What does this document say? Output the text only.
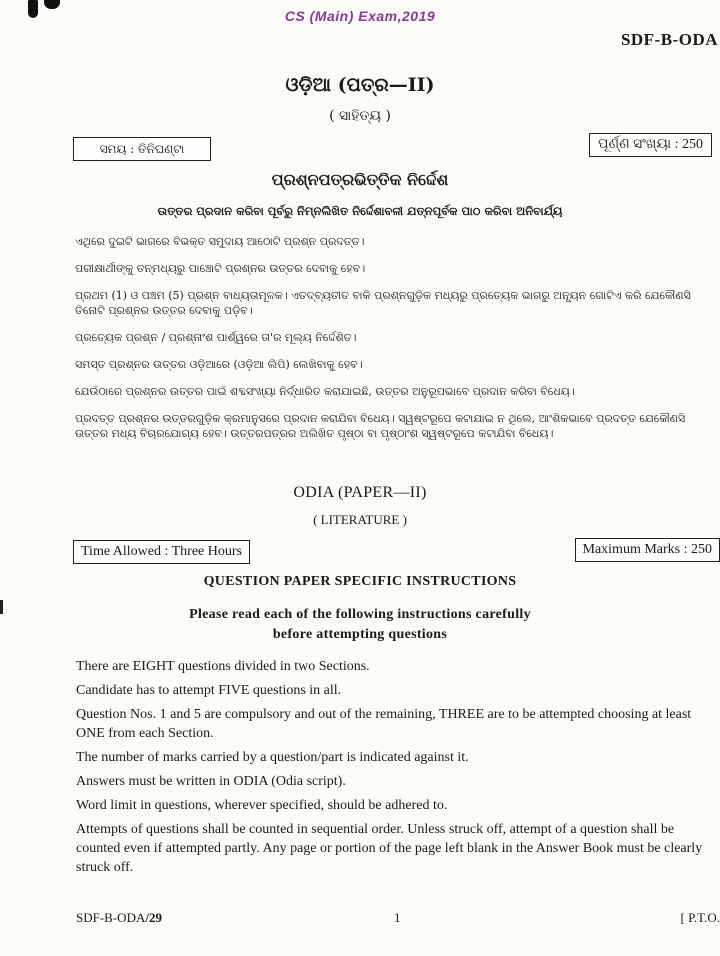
CS (Main) Exam,2019
SDF-B-ODA
ଓଡ଼ିଆ (ପତ୍ର—II)
( ସାହିତ୍ୟ )
ସମୟ : ତିନିଘଣ୍ଟା	ପୂର୍ଣ୍ଣ ସଂଖ୍ୟା : 250
ପ୍ରଶ୍ନପତ୍ରଭିତ୍ତିକ ନିର୍ଦ୍ଦେଶ
ଉତ୍ତର ପ୍ରଦାନ କରିବା ପୂର୍ବରୁ ନିମ୍ନଲିଖିତ ନିର୍ଦ୍ଦେଶାବଳୀ ଯତ୍ନପୂର୍ବକ ପାଠ କରିବା ଅନିବାର୍ଯ୍ୟ
ଏଥିରେ ଦୁଇଟି ଭାଗରେ ବିଭକ୍ତ ସମୁଦାୟ ଆଠୋଟି ପ୍ରଶ୍ନ ପ୍ରଦତ୍ତ।
ପରୀକ୍ଷାର୍ଥୀଙ୍କୁ ତନ୍ମଧ୍ୟରୁ ପାଞ୍ଚୋଟି ପ୍ରଶ୍ନର ଉତ୍ତର ଦେବାକୁ ହେବ।
ପ୍ରଥମ (1) ଓ ପଞ୍ଚମ (5) ପ୍ରଶ୍ନ ବାଧ୍ୟତାମୂଳକ। ଏତଦ୍‌ବ୍ୟତୀତ ବାକି ପ୍ରଶ୍ନଗୁଡ଼ିକ ମଧ୍ୟରୁ ପ୍ରତ୍ୟେକ ଭାଗରୁ ଅନ୍ୟୂନ ଗୋଟିଏ କରି ଯେକୌଣସି ତିନୋଟି ପ୍ରଶ୍ନର ଉତ୍ତର ଦେବାକୁ ପଡ଼ିବ।
ପ୍ରତ୍ୟେକ ପ୍ରଶ୍ନ / ପ୍ରଶ୍ନାଂଶ ପାର୍ଶ୍ୱରେ ତା'ର ମୂଲ୍ୟ ନିର୍ଦ୍ଦେଶିତ।
ସମସ୍ତ ପ୍ରଶ୍ନର ଉତ୍ତର ଓଡ଼ିଆରେ (ଓଡ଼ିଆ ଲିପି) ଲେଖିବାକୁ ହେବ।
ଯେଉଁଠାରେ ପ୍ରଶ୍ନର ଉତ୍ତର ପାଇଁ ଶବ୍ଦସଂଖ୍ୟା ନିର୍ଦ୍ଧାରିତ କରାଯାଇଛି, ଉତ୍ତର ଅନୁରୂପଭାବେ ପ୍ରଦାନ କରିବା ବିଧେୟ।
ପ୍ରଦତ୍ତ ପ୍ରଶ୍ନର ଉତ୍ତରଗୁଡ଼ିକ କ୍ରମାନୁସରେ ପ୍ରଦାନ କରାଯିବା ବିଧେୟ। ସ୍ୱଷ୍ଟରୂପେ କଟାଯାଇ ନ ଥିଲେ, ଆଂଶିକଭାବେ ପ୍ରଦତ୍ତ ଯେକୌଣସି ଉତ୍ତର ମଧ୍ୟ ବିଚାରଯୋଗ୍ୟ ହେବ। ଉତ୍ତରପତ୍ରର ଅଲିଖିତ ପୃଷ୍ଠା ବା ପୃଷ୍ଠାଂଶ ସ୍ୱଷ୍ଟରୂପେ କଟାଯିବା ବିଧେୟ।
ODIA (PAPER—II)
( LITERATURE )
Time Allowed : Three Hours	Maximum Marks : 250
QUESTION PAPER SPECIFIC INSTRUCTIONS
Please read each of the following instructions carefully
before attempting questions
There are EIGHT questions divided in two Sections.
Candidate has to attempt FIVE questions in all.
Question Nos. 1 and 5 are compulsory and out of the remaining, THREE are to be attempted choosing at least ONE from each Section.
The number of marks carried by a question/part is indicated against it.
Answers must be written in ODIA (Odia script).
Word limit in questions, wherever specified, should be adhered to.
Attempts of questions shall be counted in sequential order. Unless struck off, attempt of a question shall be counted even if attempted partly. Any page or portion of the page left blank in the Answer Book must be clearly struck off.
SDF-B-ODA/29	1	[ P.T.O.
